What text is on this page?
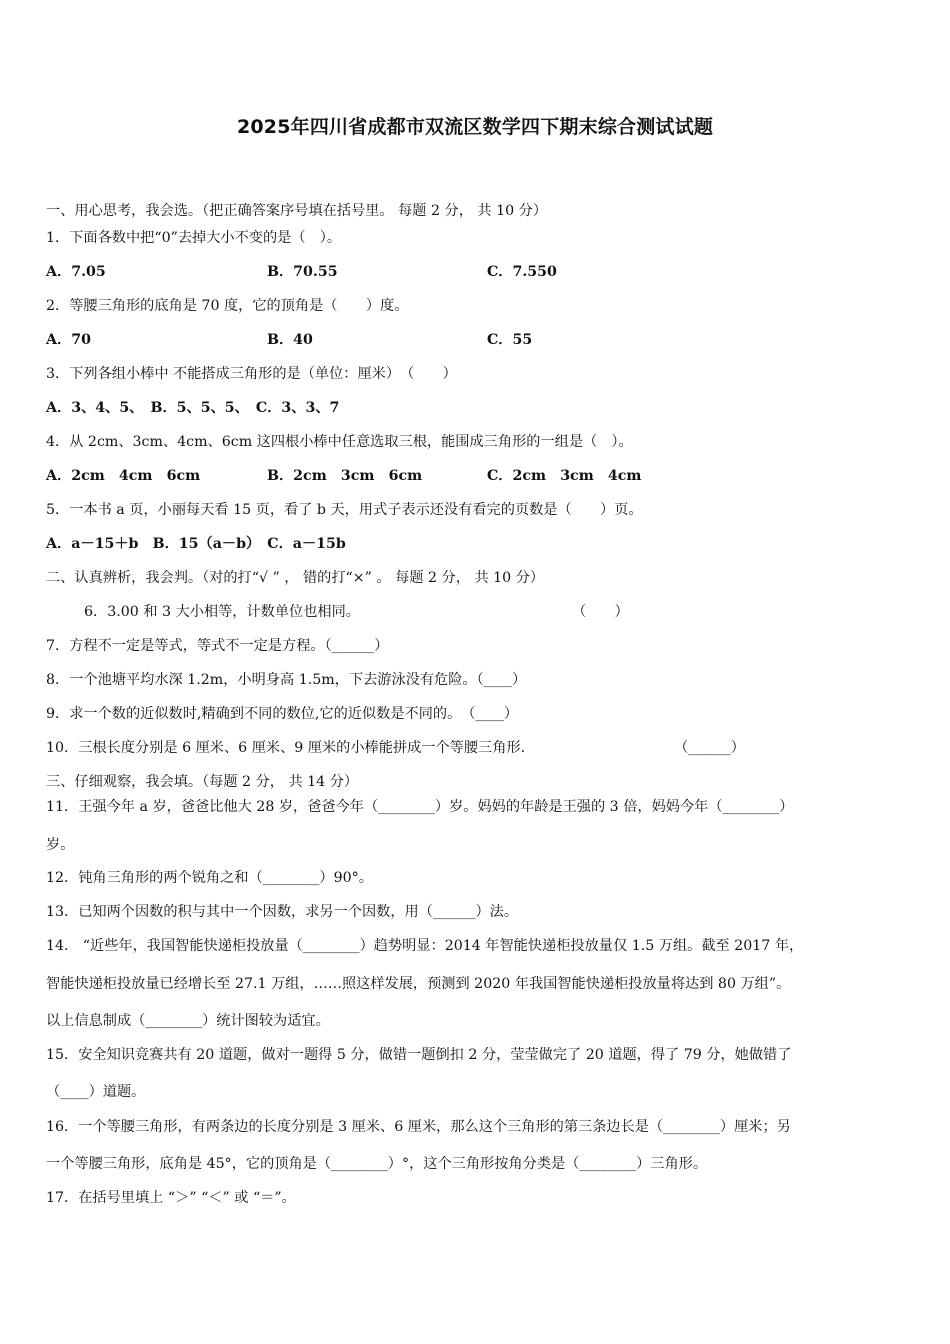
2025年四川省成都市双流区数学四下期末综合测试试题
一、用心思考，我会选。（把正确答案序号填在括号里。 每题 2 分， 共 10 分）
1．下面各数中把“0”去掉大小不变的是（　）。
A．7.05	B．70.55	C．7.550
2．等腰三角形的底角是 70 度，它的顶角是（　　）度。
A．70	B．40	C．55
3．下列各组小棒中 不能搭成三角形的是（单位：厘米）　（　　）
A．3、4、5、　B．5、5、5、　C．3、3、7
4．从 2cm、3cm、4cm、6cm 这四根小棒中任意选取三根，能围成三角形的一组是（　）。
A．2cm　4cm　6cm	B．2cm　3cm　6cm	C．2cm　3cm　4cm
5．一本书 a 页，小丽每天看 15 页，看了 b 天，用式子表示还没有看完的页数是（　　）页。
A．a－15＋b　B．15（a－b）　C．a－15b
二、认真辨析，我会判。（对的打“√ ” ， 错的打“×” 。 每题 2 分， 共 10 分）
6．3.00 和 3 大小相等，计数单位也相同。	（　　）
7．方程不一定是等式，等式不一定是方程。（______）
8．一个池塘平均水深 1.2m，小明身高 1.5m，下去游泳没有危险。（____）
9．求一个数的近似数时,精确到不同的数位,它的近似数是不同的。　（____）
10．三根长度分别是 6 厘米、6 厘米、9 厘米的小棒能拼成一个等腰三角形.	（______）
三、仔细观察，我会填。（每题 2 分， 共 14 分）
11．王强今年 a 岁，爸爸比他大 28 岁，爸爸今年（________）岁。妈妈的年龄是王强的 3 倍，妈妈今年（________）
岁。
12．钝角三角形的两个锐角之和（________）90°。
13．已知两个因数的积与其中一个因数，求另一个因数，用（______）法。
14． “近些年，我国智能快递柜投放量（________）趋势明显：2014 年智能快递柜投放量仅 1.5 万组。截至 2017 年，
智能快递柜投放量已经增长至 27.1 万组，……照这样发展，预测到 2020 年我国智能快递柜投放量将达到 80 万组”。
以上信息制成（________）统计图较为适宜。
15．安全知识竞赛共有 20 道题，做对一题得 5 分，做错一题倒扣 2 分，莹莹做完了 20 道题，得了 79 分，她做错了
（____）道题。
16．一个等腰三角形，有两条边的长度分别是 3 厘米、6 厘米，那么这个三角形的第三条边长是（________）厘米；另
一个等腰三角形，底角是 45°，它的顶角是（________）°，这个三角形按角分类是（________）三角形。
17．在括号里填上 “＞” “＜” 或 “＝”。
